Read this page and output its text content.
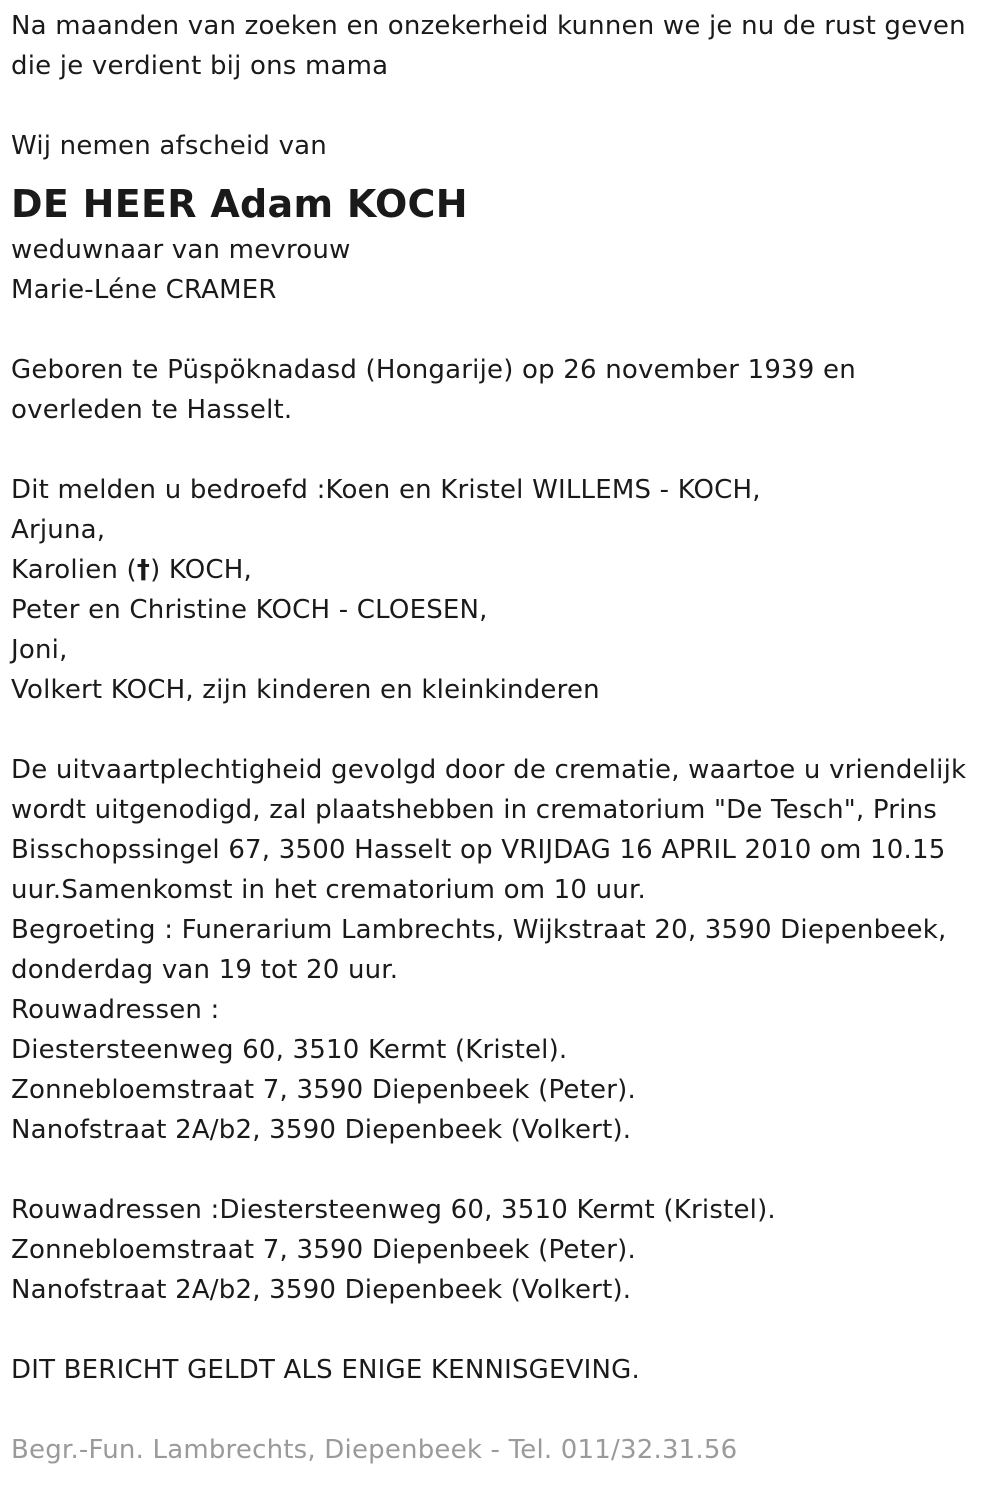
Na maanden van zoeken en onzekerheid kunnen we je nu de rust geven
die je verdient bij ons mama
Wij nemen afscheid van
DE HEER Adam KOCH
weduwnaar van mevrouw
Marie-Léne CRAMER
Geboren te Püspöknadasd (Hongarije) op 26 november 1939 en
overleden te Hasselt.
Dit melden u bedroefd :Koen en Kristel WILLEMS - KOCH,
Arjuna,
Karolien (†) KOCH,
Peter en Christine KOCH - CLOESEN,
Joni,
Volkert KOCH, zijn kinderen en kleinkinderen
De uitvaartplechtigheid gevolgd door de crematie, waartoe u vriendelijk
wordt uitgenodigd, zal plaatshebben in crematorium "De Tesch", Prins
Bisschopssingel 67, 3500 Hasselt op VRIJDAG 16 APRIL 2010 om 10.15
uur.Samenkomst in het crematorium om 10 uur.
Begroeting : Funerarium Lambrechts, Wijkstraat 20, 3590 Diepenbeek,
donderdag van 19 tot 20 uur.
Rouwadressen :
Diestersteenweg 60, 3510 Kermt (Kristel).
Zonnebloemstraat 7, 3590 Diepenbeek (Peter).
Nanofstraat 2A/b2, 3590 Diepenbeek (Volkert).
Rouwadressen :Diestersteenweg 60, 3510 Kermt (Kristel).
Zonnebloemstraat 7, 3590 Diepenbeek (Peter).
Nanofstraat 2A/b2, 3590 Diepenbeek (Volkert).
DIT BERICHT GELDT ALS ENIGE KENNISGEVING.
Begr.-Fun. Lambrechts, Diepenbeek - Tel. 011/32.31.56
